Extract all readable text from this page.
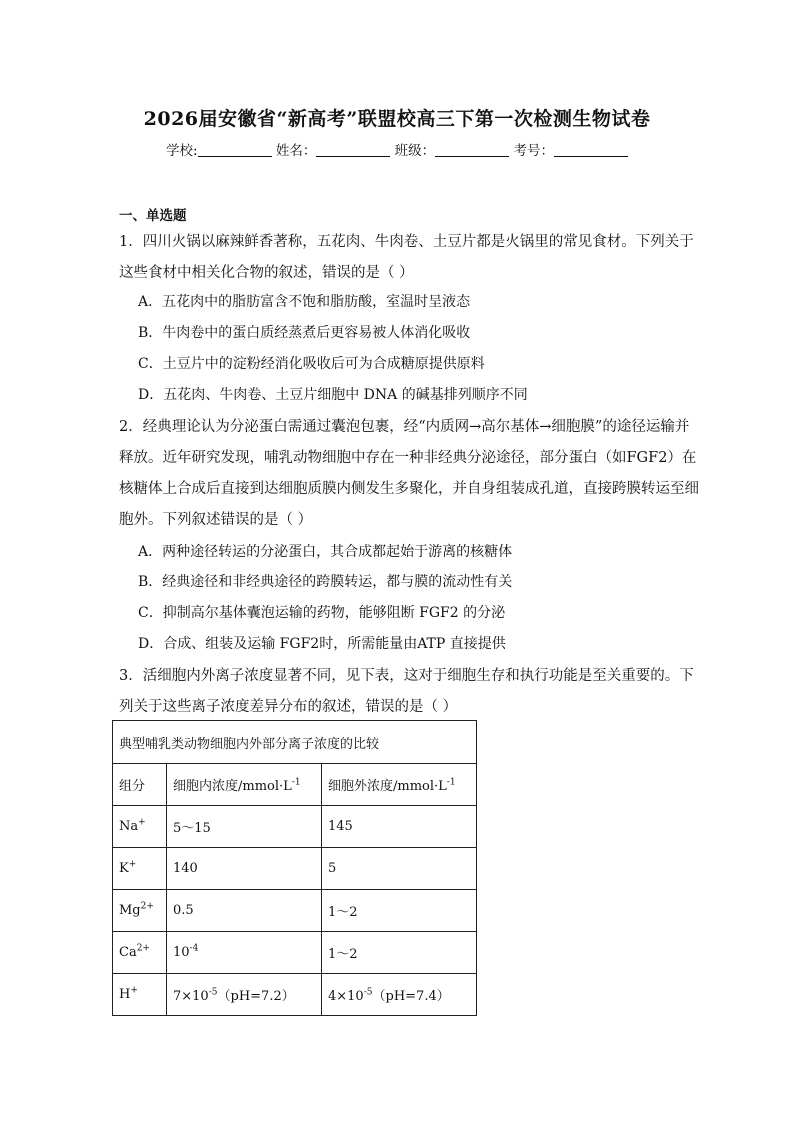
2026届安徽省“新高考”联盟校高三下第一次检测生物试卷
学校:	姓名：	班级：	考号：
一、单选题
1．四川火锅以麻辣鲜香著称，五花肉、牛肉卷、土豆片都是火锅里的常见食材。下列关于
这些食材中相关化合物的叙述，错误的是（ ）
A．五花肉中的脂肪富含不饱和脂肪酸，室温时呈液态
B．牛肉卷中的蛋白质经蒸煮后更容易被人体消化吸收
C．土豆片中的淀粉经消化吸收后可为合成糖原提供原料
D．五花肉、牛肉卷、土豆片细胞中 DNA 的碱基排列顺序不同
2．经典理论认为分泌蛋白需通过囊泡包裹，经“内质网→高尔基体→细胞膜”的途径运输并
释放。近年研究发现，哺乳动物细胞中存在一种非经典分泌途径，部分蛋白（如FGF2）在
核糖体上合成后直接到达细胞质膜内侧发生多聚化，并自身组装成孔道，直接跨膜转运至细
胞外。下列叙述错误的是（ ）
A．两种途径转运的分泌蛋白，其合成都起始于游离的核糖体
B．经典途径和非经典途径的跨膜转运，都与膜的流动性有关
C．抑制高尔基体囊泡运输的药物，能够阻断 FGF2 的分泌
D．合成、组装及运输 FGF2时，所需能量由ATP 直接提供
3．活细胞内外离子浓度显著不同，见下表，这对于细胞生存和执行功能是至关重要的。下
列关于这些离子浓度差异分布的叙述，错误的是（ ）
典型哺乳类动物细胞内外部分离子浓度的比较		
组分	细胞内浓度$/mmol\cdot L^{-1}$	细胞外浓度$/mmol\cdot L^{-1}$
Na+	5～15	145
K+	140	5
$Mg^{2+}$	0.5	1～2
$Ca^{2+}$	$10^{-4}$	1～2
H+	$7\times 10^{-5}(pH=7.2)$	$4\times 10^{-5}(pH=7.4)$
